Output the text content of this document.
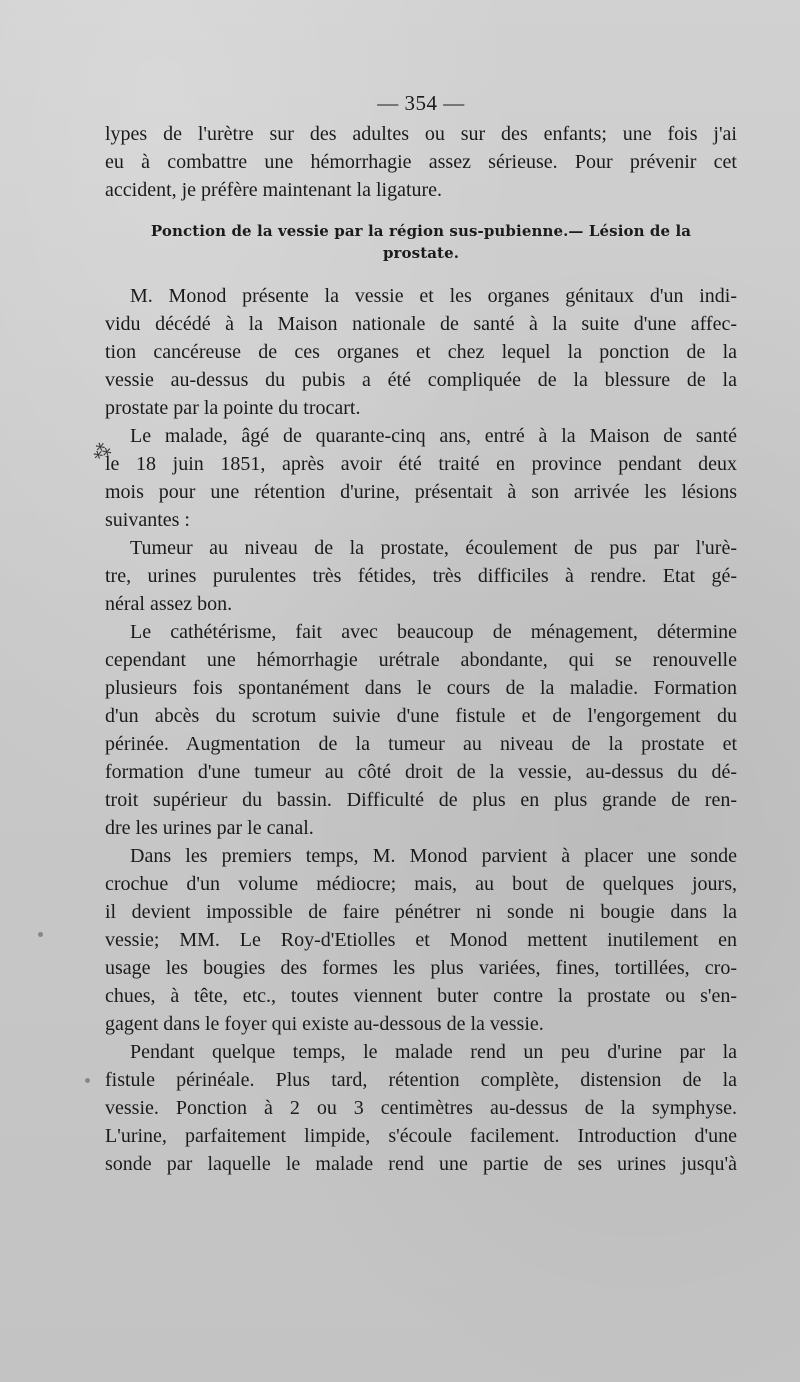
⁂
— 354 —
lypes de l'urètre sur des adultes ou sur des enfants; une fois j'ai
eu à combattre une hémorrhagie assez sérieuse. Pour prévenir cet
accident, je préfère maintenant la ligature.
Ponction de la vessie par la région sus-pubienne.— Lésion de la
prostate.
M. Monod présente la vessie et les organes génitaux d'un indi-
vidu décédé à la Maison nationale de santé à la suite d'une affec-
tion cancéreuse de ces organes et chez lequel la ponction de la
vessie au-dessus du pubis a été compliquée de la blessure de la
prostate par la pointe du trocart.
Le malade, âgé de quarante-cinq ans, entré à la Maison de santé
le 18 juin 1851, après avoir été traité en province pendant deux
mois pour une rétention d'urine, présentait à son arrivée les lésions
suivantes :
Tumeur au niveau de la prostate, écoulement de pus par l'urè-
tre, urines purulentes très fétides, très difficiles à rendre. Etat gé-
néral assez bon.
Le cathétérisme, fait avec beaucoup de ménagement, détermine
cependant une hémorrhagie urétrale abondante, qui se renouvelle
plusieurs fois spontanément dans le cours de la maladie. Formation
d'un abcès du scrotum suivie d'une fistule et de l'engorgement du
périnée. Augmentation de la tumeur au niveau de la prostate et
formation d'une tumeur au côté droit de la vessie, au-dessus du dé-
troit supérieur du bassin. Difficulté de plus en plus grande de ren-
dre les urines par le canal.
Dans les premiers temps, M. Monod parvient à placer une sonde
crochue d'un volume médiocre; mais, au bout de quelques jours,
il devient impossible de faire pénétrer ni sonde ni bougie dans la
vessie; MM. Le Roy-d'Etiolles et Monod mettent inutilement en
usage les bougies des formes les plus variées, fines, tortillées, cro-
chues, à tête, etc., toutes viennent buter contre la prostate ou s'en-
gagent dans le foyer qui existe au-dessous de la vessie.
Pendant quelque temps, le malade rend un peu d'urine par la
fistule périnéale. Plus tard, rétention complète, distension de la
vessie. Ponction à 2 ou 3 centimètres au-dessus de la symphyse.
L'urine, parfaitement limpide, s'écoule facilement. Introduction d'une
sonde par laquelle le malade rend une partie de ses urines jusqu'à
